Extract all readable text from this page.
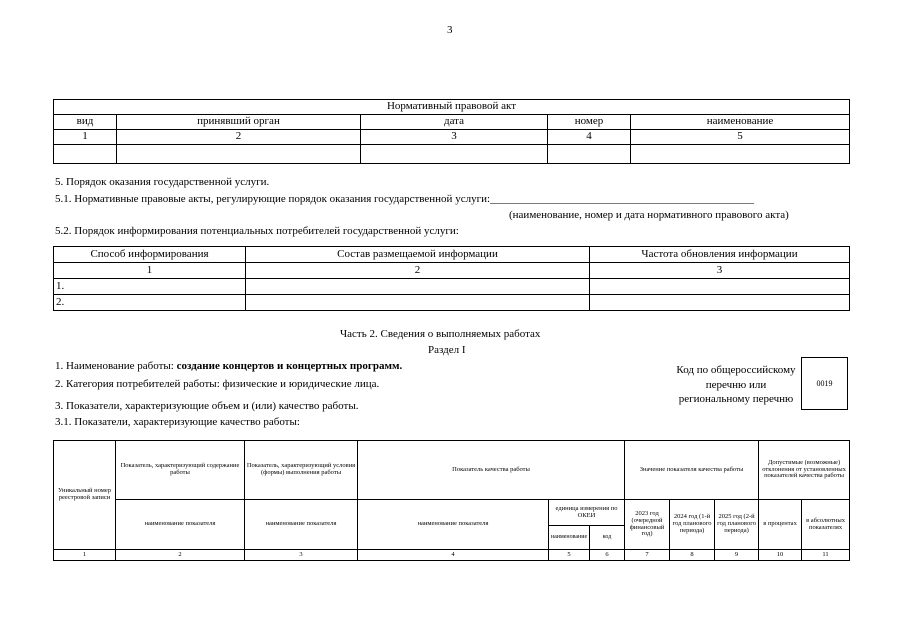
3
Нормативный правовой акт				
вид	принявший орган	дата	номер	наименование
1	2	3	4	5

5. Порядок оказания государственной услуги.
5.1. Нормативные правовые акты, регулирующие порядок оказания государственной услуги:________________________________________________
(наименование, номер и дата нормативного правового акта)
5.2. Порядок информирования потенциальных потребителей государственной услуги:
Способ информирования	Состав размещаемой информации	Частота обновления информации
1	2	3
1.		
2.		
Часть 2. Сведения о выполняемых работах
Раздел I
1. Наименование работы: создание концертов и концертных программ.
2. Категория потребителей работы: физические и юридические лица.
3. Показатели, характеризующие объем и (или) качество работы.
3.1. Показатели, характеризующие качество работы:
Код по общероссийскому
перечню или
региональному перечню
0019
Уникальный номер реестровой записи	Показатель, характеризующий содержание работы	Показатель, характеризующий условия (формы) выполнения работы	Показатель качества работы			Значение показателя качества работы			Допустимые (возможные) отклонения от установленных показателей качества работы	
	наименование показателя	наименование показателя	наименование показателя	единица измерения по ОКЕИ		2023 год (очередной финансовый год)	2024 год (1-й год планового периода)	2025 год (2-й год планового периода)	в процентах	в абсолютных показателях
				наименование	код					
1	2	3	4	5	6	7	8	9	10	11
